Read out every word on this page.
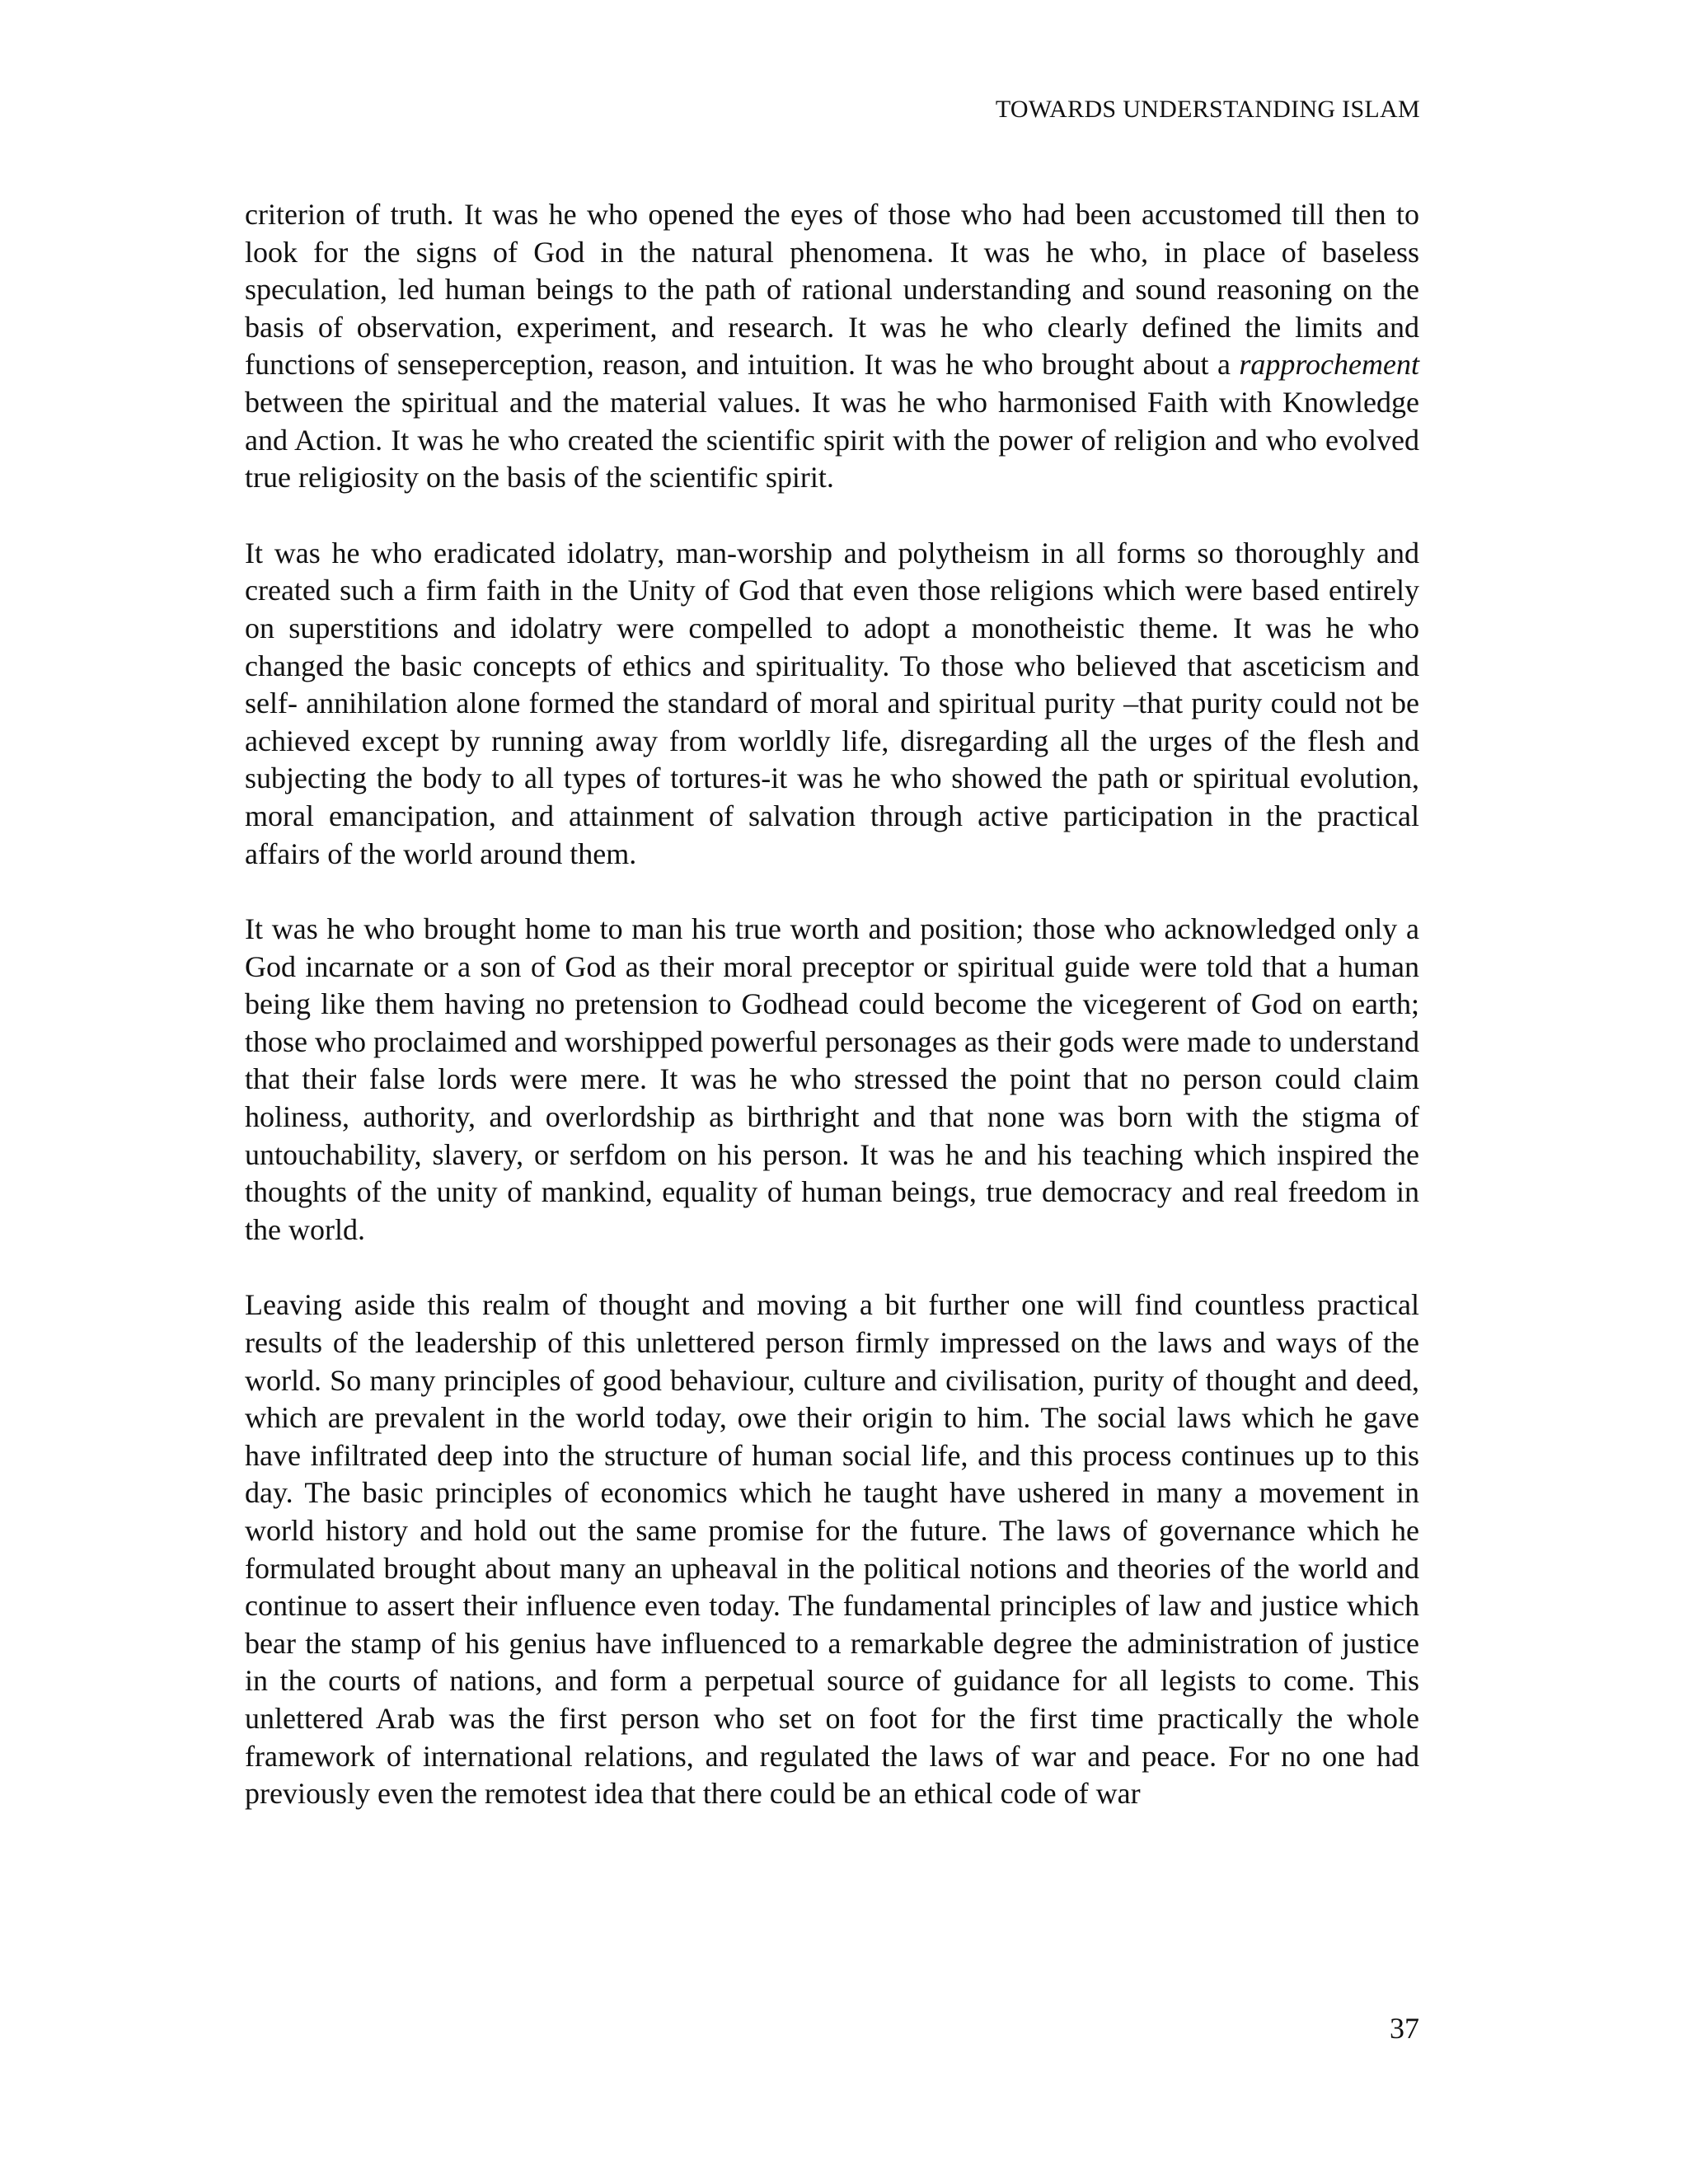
TOWARDS UNDERSTANDING ISLAM

criterion of truth. It was he who opened the eyes of those who had been accustomed till then to look for the signs of God in the natural phenomena. It was he who, in place of baseless speculation, led human beings to the path of rational understanding and sound reasoning on the basis of observation, experiment, and research. It was he who clearly defined the limits and functions of senseperception, reason, and intuition. It was he who brought about a rapprochement between the spiritual and the material values. It was he who harmonised Faith with Knowledge and Action. It was he who created the scientific spirit with the power of religion and who evolved true religiosity on the basis of the scientific spirit.

It was he who eradicated idolatry, man-worship and polytheism in all forms so thoroughly and created such a firm faith in the Unity of God that even those religions which were based entirely on superstitions and idolatry were compelled to adopt a monotheistic theme. It was he who changed the basic concepts of ethics and spirituality. To those who believed that asceticism and self- annihilation alone formed the standard of moral and spiritual purity –that purity could not be achieved except by running away from worldly life, disregarding all the urges of the flesh and subjecting the body to all types of tortures-it was he who showed the path or spiritual evolution, moral emancipation, and attainment of salvation through active participation in the practical affairs of the world around them.

It was he who brought home to man his true worth and position; those who acknowledged only a God incarnate or a son of God as their moral preceptor or spiritual guide were told that a human being like them having no pretension to Godhead could become the vicegerent of God on earth; those who proclaimed and worshipped powerful personages as their gods were made to understand that their false lords were mere. It was he who stressed the point that no person could claim holiness, authority, and overlordship as birthright and that none was born with the stigma of untouchability, slavery, or serfdom on his person. It was he and his teaching which inspired the thoughts of the unity of mankind, equality of human beings, true democracy and real freedom in the world.

Leaving aside this realm of thought and moving a bit further one will find countless practical results of the leadership of this unlettered person firmly impressed on the laws and ways of the world. So many principles of good behaviour, culture and civilisation, purity of thought and deed, which are prevalent in the world today, owe their origin to him. The social laws which he gave have infiltrated deep into the structure of human social life, and this process continues up to this day. The basic principles of economics which he taught have ushered in many a movement in world history and hold out the same promise for the future. The laws of governance which he formulated brought about many an upheaval in the political notions and theories of the world and continue to assert their influence even today. The fundamental principles of law and justice which bear the stamp of his genius have influenced to a remarkable degree the administration of justice in the courts of nations, and form a perpetual source of guidance for all legists to come. This unlettered Arab was the first person who set on foot for the first time practically the whole framework of international relations, and regulated the laws of war and peace. For no one had previously even the remotest idea that there could be an ethical code of war

37
